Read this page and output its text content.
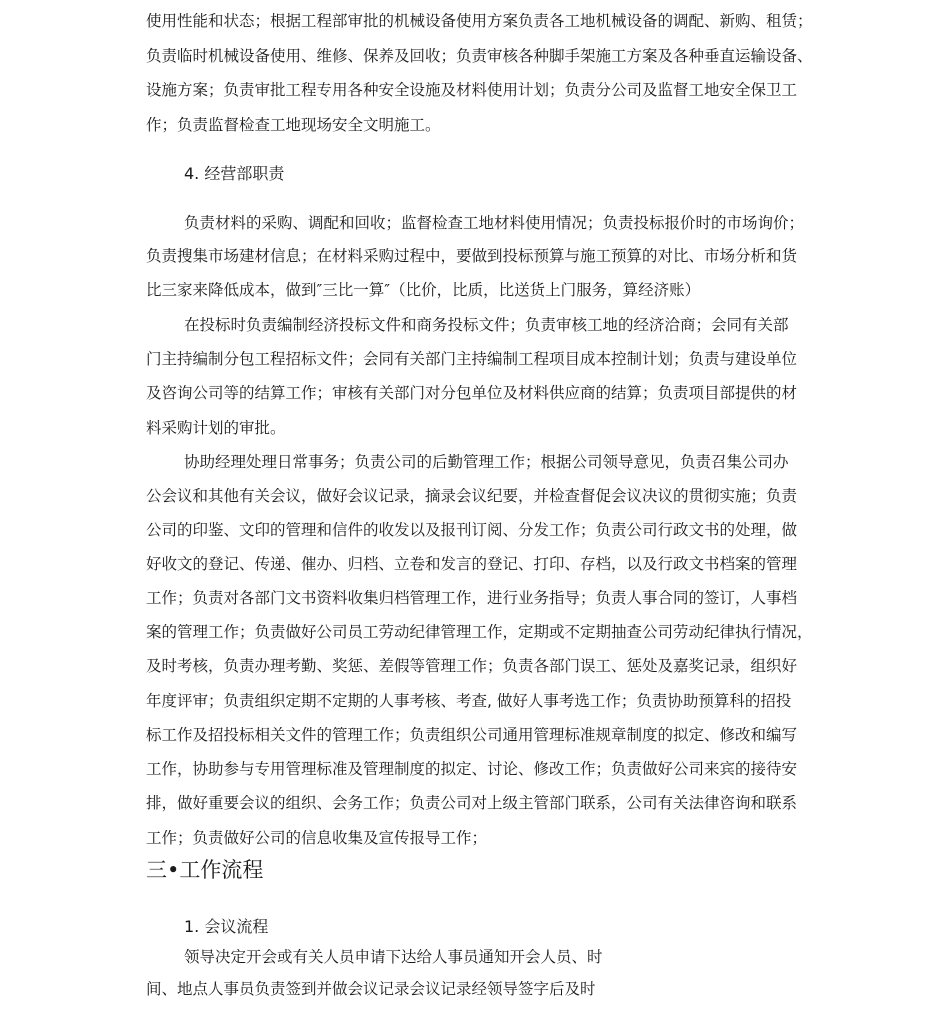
使用性能和状态；根据工程部审批的机械设备使用方案负责各工地机械设备的调配、新购、租赁；
负责临时机械设备使用、维修、保养及回收；负责审核各种脚手架施工方案及各种垂直运输设备、
设施方案；负责审批工程专用各种安全设施及材料使用计划；负责分公司及监督工地安全保卫工
作；负责监督检查工地现场安全文明施工。
4. 经营部职责
负责材料的采购、调配和回收；监督检查工地材料使用情况；负责投标报价时的市场询价；
负责搜集市场建材信息；在材料采购过程中，要做到投标预算与施工预算的对比、市场分析和货
比三家来降低成本，做到″三比一算″（比价，比质，比送货上门服务，算经济账）
在投标时负责编制经济投标文件和商务投标文件；负责审核工地的经济洽商；会同有关部
门主持编制分包工程招标文件；会同有关部门主持编制工程项目成本控制计划；负责与建设单位
及咨询公司等的结算工作；审核有关部门对分包单位及材料供应商的结算；负责项目部提供的材
料采购计划的审批。
协助经理处理日常事务；负责公司的后勤管理工作；根据公司领导意见，负责召集公司办
公会议和其他有关会议，做好会议记录，摘录会议纪要，并检查督促会议决议的贯彻实施；负责
公司的印鉴、文印的管理和信件的收发以及报刊订阅、分发工作；负责公司行政文书的处理，做
好收文的登记、传递、催办、归档、立卷和发言的登记、打印、存档，以及行政文书档案的管理
工作；负责对各部门文书资料收集归档管理工作，进行业务指导；负责人事合同的签订，人事档
案的管理工作；负责做好公司员工劳动纪律管理工作，定期或不定期抽查公司劳动纪律执行情况，
及时考核，负责办理考勤、奖惩、差假等管理工作；负责各部门误工、惩处及嘉奖记录，组织好
年度评审；负责组织定期不定期的人事考核、考查, 做好人事考选工作；负责协助预算科的招投
标工作及招投标相关文件的管理工作；负责组织公司通用管理标准规章制度的拟定、修改和编写
工作，协助参与专用管理标准及管理制度的拟定、讨论、修改工作；负责做好公司来宾的接待安
排，做好重要会议的组织、会务工作；负责公司对上级主管部门联系，公司有关法律咨询和联系
工作；负责做好公司的信息收集及宣传报导工作；
三•工作流程
1. 会议流程
领导决定开会或有关人员申请下达给人事员通知开会人员、时
间、地点人事员负责签到并做会议记录会议记录经领导签字后及时
